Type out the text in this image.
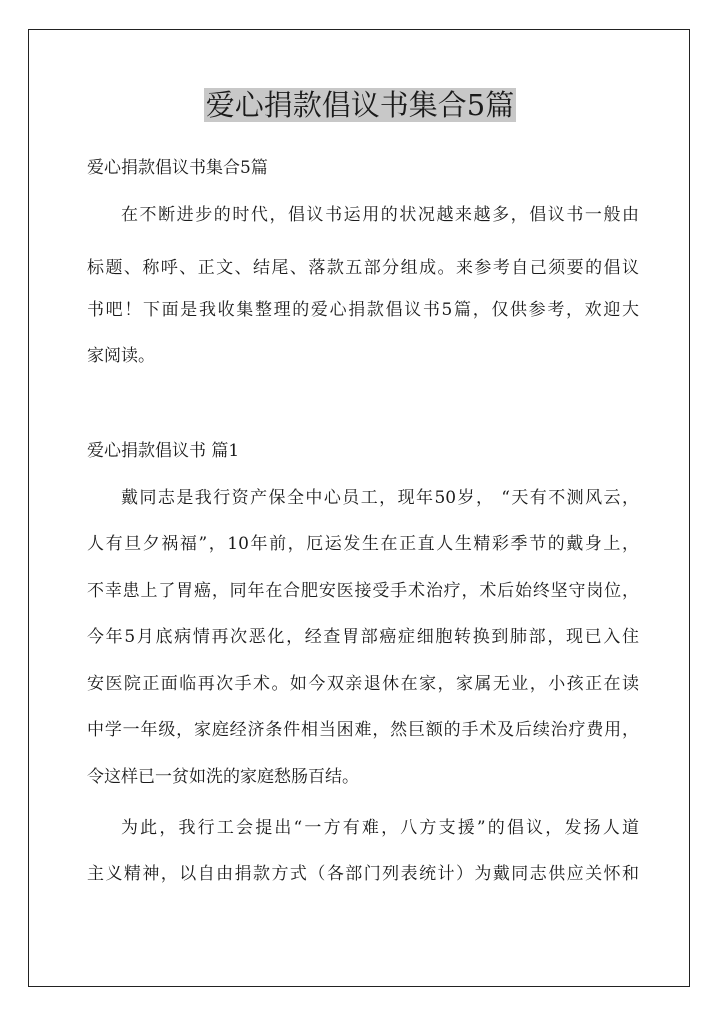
爱心捐款倡议书集合5篇
爱心捐款倡议书集合5篇
在不断进步的时代，倡议书运用的状况越来越多，倡议书一般由
标题、称呼、正文、结尾、落款五部分组成。来参考自己须要的倡议
书吧！下面是我收集整理的爱心捐款倡议书5篇，仅供参考，欢迎大
家阅读。
爱心捐款倡议书 篇1
戴同志是我行资产保全中心员工，现年50岁， “天有不测风云，
人有旦夕祸福”，10年前，厄运发生在正直人生精彩季节的戴身上，
不幸患上了胃癌，同年在合肥安医接受手术治疗，术后始终坚守岗位，
今年5月底病情再次恶化，经查胃部癌症细胞转换到肺部，现已入住
安医院正面临再次手术。如今双亲退休在家，家属无业，小孩正在读
中学一年级，家庭经济条件相当困难，然巨额的手术及后续治疗费用，
令这样已一贫如洗的家庭愁肠百结。
为此，我行工会提出“一方有难，八方支援”的倡议，发扬人道
主义精神，以自由捐款方式（各部门列表统计）为戴同志供应关怀和
